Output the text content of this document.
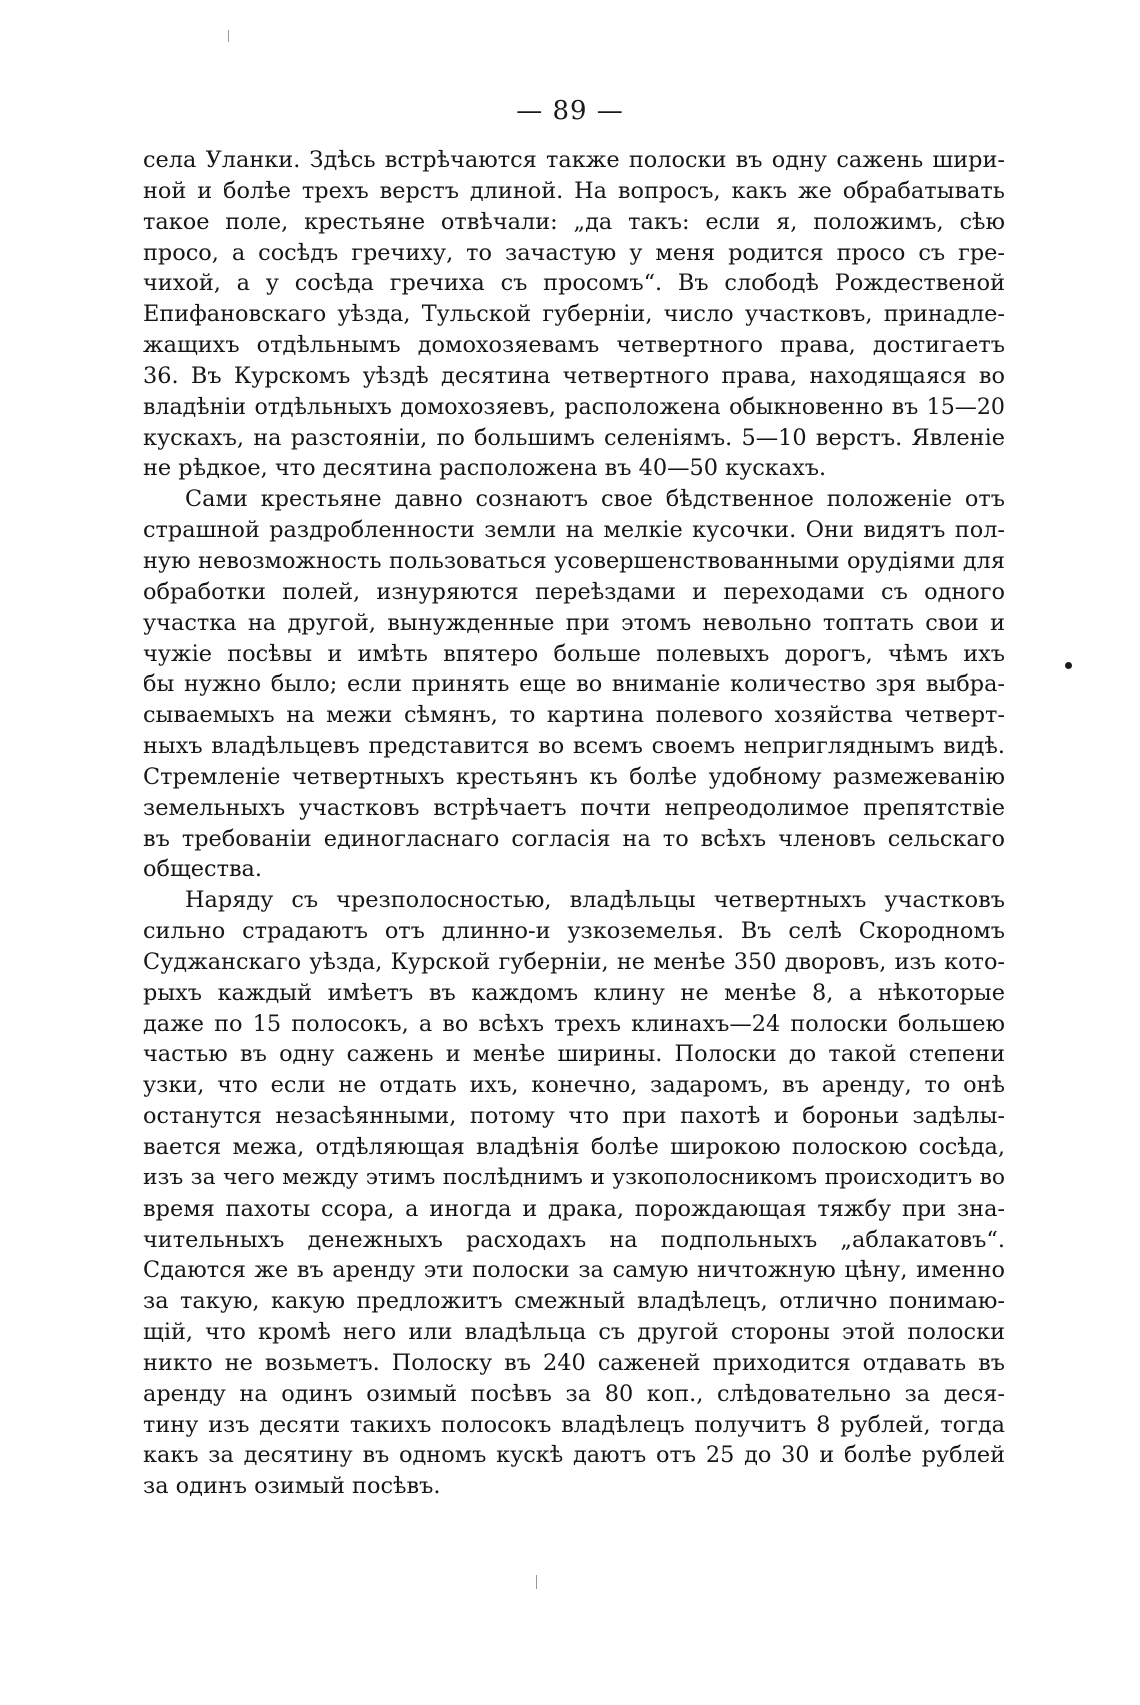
— 89 —
села Уланки. Здѣсь встрѣчаются также полоски въ одну сажень шири-
ной и болѣе трехъ верстъ длиной. На вопросъ, какъ же обрабатывать
такое поле, крестьяне отвѣчали: „да такъ: если я, положимъ, сѣю
просо, а сосѣдъ гречиху, то зачастую у меня родится просо съ гре-
чихой, а у сосѣда гречиха съ просомъ“. Въ слободѣ Рождественой
Епифановскаго уѣзда, Тульской губерніи, число участковъ, принадле-
жащихъ отдѣльнымъ домохозяевамъ четвертного права, достигаетъ
36. Въ Курскомъ уѣздѣ десятина четвертного права, находящаяся во
владѣніи отдѣльныхъ домохозяевъ, расположена обыкновенно въ 15—20
кускахъ, на разстояніи, по большимъ селеніямъ. 5—10 верстъ. Явленіе
не рѣдкое, что десятина расположена въ 40—50 кускахъ.
Сами крестьяне давно сознаютъ свое бѣдственное положеніе отъ
страшной раздробленности земли на мелкіе кусочки. Они видятъ пол-
ную невозможность пользоваться усовершенствованными орудіями для
обработки полей, изнуряются переѣздами и переходами съ одного
участка на другой, вынужденные при этомъ невольно топтать свои и
чужіе посѣвы и имѣть впятеро больше полевыхъ дорогъ, чѣмъ ихъ
бы нужно было; если принять еще во вниманіе количество зря выбра-
сываемыхъ на межи сѣмянъ, то картина полевого хозяйства четверт-
ныхъ владѣльцевъ представится во всемъ своемъ непригляднымъ видѣ.
Стремленіе четвертныхъ крестьянъ къ болѣе удобному размежеванію
земельныхъ участковъ встрѣчаетъ почти непреодолимое препятствіе
въ требованіи единогласнаго согласія на то всѣхъ членовъ сельскаго
общества.
Наряду съ чрезполосностью, владѣльцы четвертныхъ участковъ
сильно страдаютъ отъ длинно-и узкоземелья. Въ селѣ Скородномъ
Суджанскаго уѣзда, Курской губерніи, не менѣе 350 дворовъ, изъ кото-
рыхъ каждый имѣетъ въ каждомъ клину не менѣе 8, а нѣкоторые
даже по 15 полосокъ, а во всѣхъ трехъ клинахъ—24 полоски большею
частью въ одну сажень и менѣе ширины. Полоски до такой степени
узки, что если не отдать ихъ, конечно, задаромъ, въ аренду, то онѣ
останутся незасѣянными, потому что при пахотѣ и бороньи задѣлы-
вается межа, отдѣляющая владѣнія болѣе широкою полоскою сосѣда,
изъ за чего между этимъ послѣднимъ и узкополосникомъ происходитъ во
время пахоты ссора, а иногда и драка, порождающая тяжбу при зна-
чительныхъ денежныхъ расходахъ на подпольныхъ „аблакатовъ“.
Сдаются же въ аренду эти полоски за самую ничтожную цѣну, именно
за такую, какую предложитъ смежный владѣлецъ, отлично понимаю-
щій, что кромѣ него или владѣльца съ другой стороны этой полоски
никто не возьметъ. Полоску въ 240 саженей приходится отдавать въ
аренду на одинъ озимый посѣвъ за 80 коп., слѣдовательно за деся-
тину изъ десяти такихъ полосокъ владѣлецъ получитъ 8 рублей, тогда
какъ за десятину въ одномъ кускѣ даютъ отъ 25 до 30 и болѣе рублей
за одинъ озимый посѣвъ.
